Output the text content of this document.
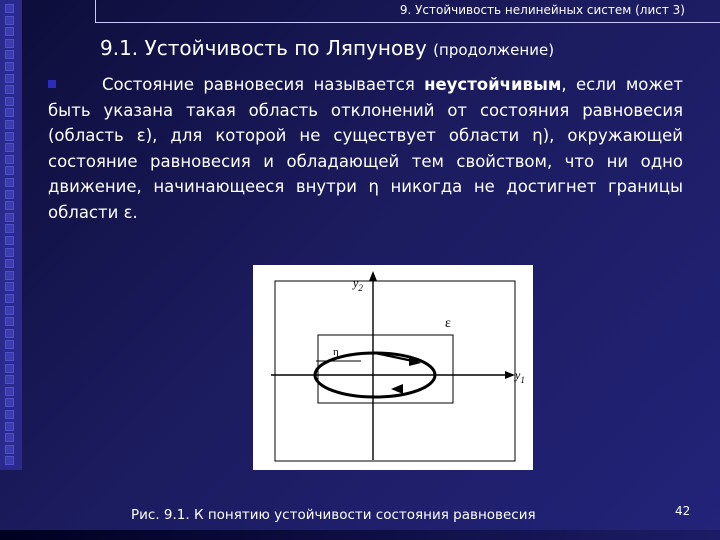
9. Устойчивость нелинейных систем (лист 3)
9.1. Устойчивость по Ляпунову (продолжение)
Состояние равновесия называется неустойчивым, если может быть указана такая область отклонений от состояния равновесия (область ε), для которой не существует области η), окружающей состояние равновесия и обладающей тем свойством, что ни одно движение, начинающееся внутри η никогда не достигнет границы области ε.
$y_2$
$y_1$
ε
η
Рис. 9.1. К понятию устойчивости состояния равновесия	42
